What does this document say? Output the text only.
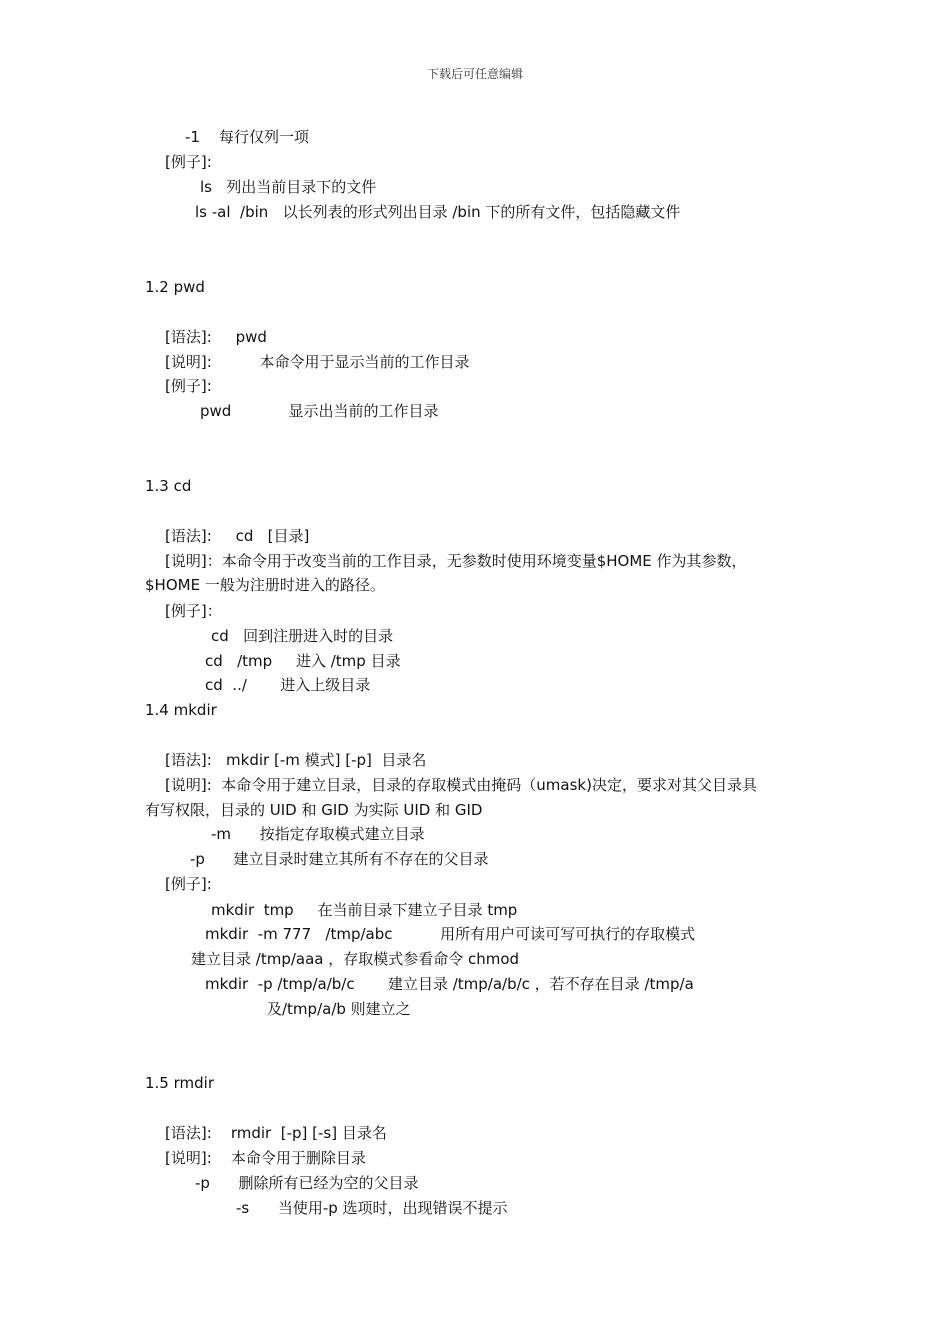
下载后可任意编辑
-1    每行仅列一项
[例子]:
ls   列出当前目录下的文件
ls -al  /bin   以长列表的形式列出目录 /bin 下的所有文件，包括隐藏文件
1.2 pwd
[语法]:     pwd
[说明]:          本命令用于显示当前的工作目录
[例子]:
pwd            显示出当前的工作目录
1.3 cd
[语法]:     cd   [目录]
[说明]：本命令用于改变当前的工作目录，无参数时使用环境变量$HOME 作为其参数，
$HOME 一般为注册时进入的路径。
[例子]：
cd   回到注册进入时的目录
cd   /tmp     进入 /tmp 目录
cd  ../       进入上级目录
1.4 mkdir
[语法]:   mkdir [-m 模式] [-p]  目录名
[说明]:  本命令用于建立目录，目录的存取模式由掩码（umask)决定，要求对其父目录具
有写权限，目录的 UID 和 GID 为实际 UID 和 GID
-m      按指定存取模式建立目录
-p      建立目录时建立其所有不存在的父目录
[例子]:
mkdir  tmp     在当前目录下建立子目录 tmp
mkdir  -m 777   /tmp/abc          用所有用户可读可写可执行的存取模式
建立目录 /tmp/aaa ，存取模式参看命令 chmod
mkdir  -p /tmp/a/b/c       建立目录 /tmp/a/b/c ，若不存在目录 /tmp/a
及/tmp/a/b 则建立之
1.5 rmdir
[语法]:    rmdir  [-p] [-s] 目录名
[说明]:    本命令用于删除目录
-p      删除所有已经为空的父目录
-s      当使用-p 选项时，出现错误不提示
